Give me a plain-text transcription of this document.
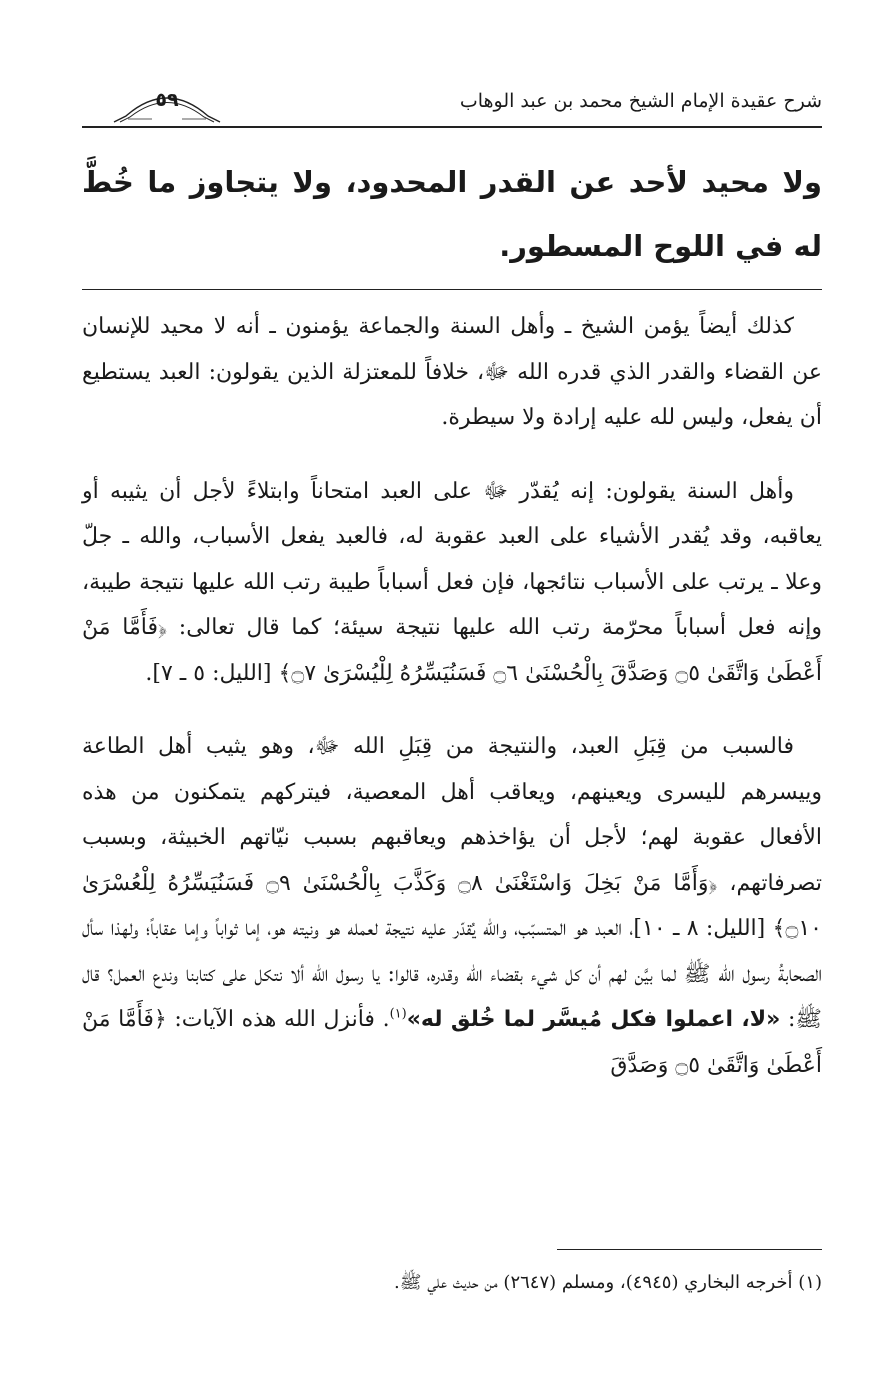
شرح عقيدة الإمام الشيخ محمد بن عبد الوهاب
٥٩
ولا محيد لأحد عن القدر المحدود، ولا يتجاوز ما خُطَّ له في اللوح المسطور.

كذلك أيضاً يؤمن الشيخ ـ وأهل السنة والجماعة يؤمنون ـ أنه لا محيد للإنسان عن القضاء والقدر الذي قدره الله ﷻ، خلافاً للمعتزلة الذين يقولون: العبد يستطيع أن يفعل، وليس لله عليه إرادة ولا سيطرة.

وأهل السنة يقولون: إنه يُقدّر ﷻ على العبد امتحاناً وابتلاءً لأجل أن يثيبه أو يعاقبه، وقد يُقدر الأشياء على العبد عقوبة له، فالعبد يفعل الأسباب، والله ـ جلّ وعلا ـ يرتب على الأسباب نتائجها، فإن فعل أسباباً طيبة رتب الله عليها نتيجة طيبة، وإنه فعل أسباباً محرّمة رتب الله عليها نتيجة سيئة؛ كما قال تعالى: ﴿فَأَمَّا مَنْ أَعْطَىٰ وَاتَّقَىٰ ۝٥ وَصَدَّقَ بِالْحُسْنَىٰ ۝٦ فَسَنُيَسِّرُهُ لِلْيُسْرَىٰ ۝٧﴾ [الليل: ٥ ـ ٧].

فالسبب من قِبَلِ العبد، والنتيجة من قِبَلِ الله ﷻ، وهو يثيب أهل الطاعة وييسرهم لليسرى ويعينهم، ويعاقب أهل المعصية، فيتركهم يتمكنون من هذه الأفعال عقوبة لهم؛ لأجل أن يؤاخذهم ويعاقبهم بسبب نيّاتهم الخبيثة، وبسبب تصرفاتهم، ﴿وَأَمَّا مَنْ بَخِلَ وَاسْتَغْنَىٰ ۝٨ وَكَذَّبَ بِالْحُسْنَىٰ ۝٩ فَسَنُيَسِّرُهُ لِلْعُسْرَىٰ ۝١٠﴾ [الليل: ٨ ـ ١٠]، العبد هو المتسبّب، والله يُقدّر عليه نتيجة لعمله هو ونيته هو، إما ثواباً وإما عقاباً؛ ولهذا سأل الصحابةُ رسول الله ﷺ لما بيَّن لهم أن كل شيء بقضاء الله وقدره، قالوا: يا رسول الله ألا نتكل على كتابنا وندع العمل؟ قال ﷺ: «لا، اعملوا فكل مُيسَّر لما خُلق له»$^{(١)}$. فأنزل الله هذه الآيات: ﴿فَأَمَّا مَنْ أَعْطَىٰ وَاتَّقَىٰ ۝٥ وَصَدَّقَ

(١) أخرجه البخاري (٤٩٤٥)، ومسلم (٢٦٤٧) من حديث علي ﷺ.
